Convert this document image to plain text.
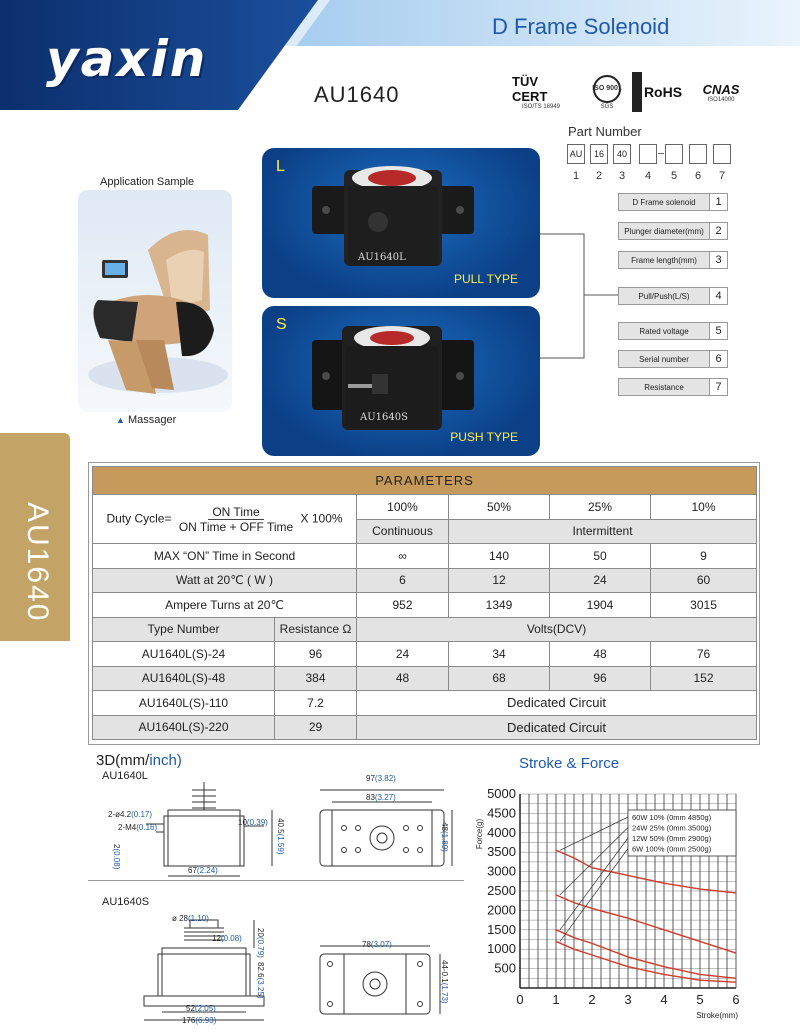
yaxin
D Frame Solenoid
AU1640
TÜV CERT
ISO/TS 16949
ISO 9001
SGS
RoHS CNAS
ISO14000
AU1640
Application Sample
▲ Massager
L
AU1640L
PULL TYPE
S
AU1640S
PUSH TYPE
Part Number
AU	16	40
1	2	3	4	5	6	7
D Frame solenoid	1
Plunger diameter(mm)	2
Frame length(mm)	3
Pull/Push(L/S)	4
Rated voltage	5
Serial number	6
Resistance	7
PARAMETERS					
Duty Cycle= $\frac{\text{ON Time}}{\text{ON Time + OFF Time}}$ X 100%		100%	50%	25%	10%
		Continuous	Intermittent		
MAX “ON” Time in Second		∞	140	50	9
Watt at 20℃ ( W )		6	12	24	60
Ampere Turns at 20℃		952	1349	1904	3015
Type Number	Resistance Ω	Volts(DCV)			
AU1640L(S)-24	96	24	34	48	76
AU1640L(S)-48	384	48	68	96	152
AU1640L(S)-110	7.2	Dedicated Circuit			
AU1640L(S)-220	29	Dedicated Circuit			
3D(mm/inch)
AU1640L
AU1640S
2-ø4.2(0.17)
2-M4(0.16)
2(0.08)
10(0.39) 40.5(1.59)
67(2.24)
97(3.82)
83(3.27)
48(1.89)
ø 28(1.10)
12(0.08)
20(0.79)
82.6(3.25)
52(2.05)
176(6.93)
78(3.07)
44-0.1(1.73)
Stroke & Force
500
1000
1500
2000
2500
3000
3500
4000
4500
5000
0 1 2 3 4 5 6
Force(g)
Stroke(mm)
60W 10% (0mm 4850g)
24W 25% (0mm 3500g)
12W 50% (0mm 2900g)
6W 100% (0mm 2500g)
